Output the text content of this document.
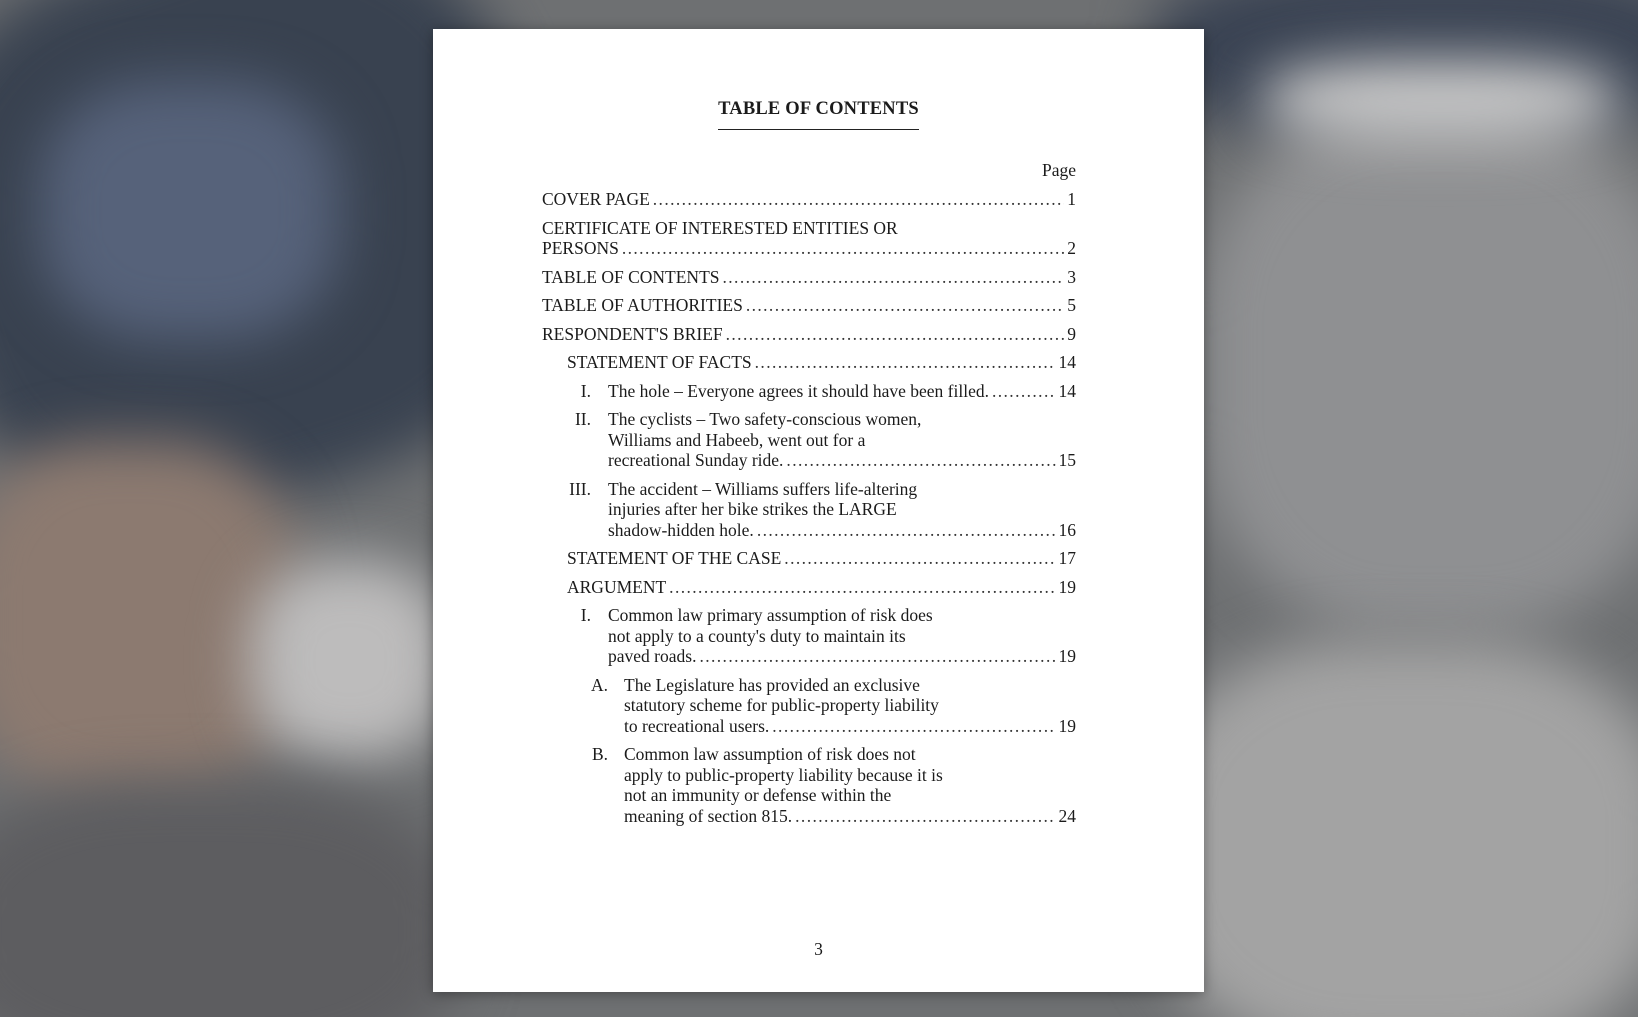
TABLE OF CONTENTS
Page
COVER PAGE .....	1
CERTIFICATE OF INTERESTED ENTITIES OR
PERSONS .....	2
TABLE OF CONTENTS .....	3
TABLE OF AUTHORITIES .....	5
RESPONDENT'S BRIEF .....	9
STATEMENT OF FACTS .....	14
I. The hole – Everyone agrees it should have been filled. .....	14
II. The cyclists – Two safety-conscious women,
Williams and Habeeb, went out for a
recreational Sunday ride. .....	15
III. The accident – Williams suffers life-altering
injuries after her bike strikes the LARGE
shadow-hidden hole. .....	16
STATEMENT OF THE CASE .....	17
ARGUMENT .....	19
I. Common law primary assumption of risk does
not apply to a county's duty to maintain its
paved roads. .....	19
A. The Legislature has provided an exclusive
statutory scheme for public-property liability
to recreational users. .....	19
B. Common law assumption of risk does not
apply to public-property liability because it is
not an immunity or defense within the
meaning of section 815. .....	24
3
